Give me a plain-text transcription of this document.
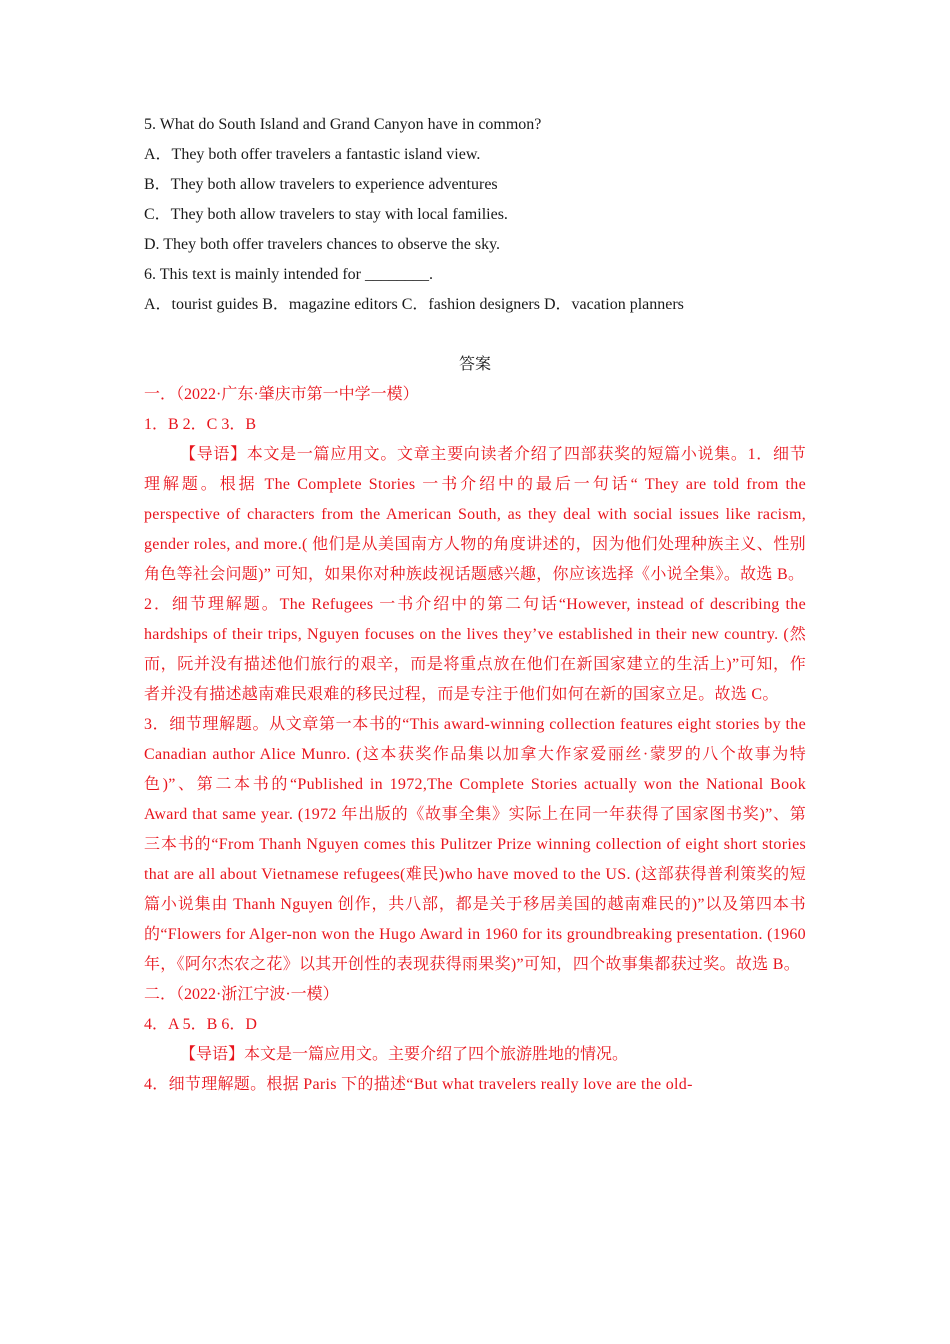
5. What do South Island and Grand Canyon have in common?
A．They both offer travelers a fantastic island view.
B．They both allow travelers to experience adventures
C．They both allow travelers to stay with local families.
D. They both offer travelers chances to observe the sky.
6. This text is mainly intended for ________.
A．tourist guides B．magazine editors C．fashion designers D．vacation planners
答案
一．（2022·广东·肇庆市第一中学一模）
1．B 2．C 3．B
【导语】本文是一篇应用文。文章主要向读者介绍了四部获奖的短篇小说集。1．细节理解题。根据 The Complete Stories 一书介绍中的最后一句话“ They are told from the perspective of characters from the American South, as they deal with social issues like racism, gender roles, and more.( 他们是从美国南方人物的角度讲述的，因为他们处理种族主义、性别角色等社会问题)” 可知，如果你对种族歧视话题感兴趣，你应该选择《小说全集》。故选 B。
2．细节理解题。The Refugees 一书介绍中的第二句话“However, instead of describing the hardships of their trips, Nguyen focuses on the lives they’ve established in their new country. (然而，阮并没有描述他们旅行的艰辛，而是将重点放在他们在新国家建立的生活上)”可知，作者并没有描述越南难民艰难的移民过程，而是专注于他们如何在新的国家立足。故选 C。
3．细节理解题。从文章第一本书的“This award-winning collection features eight stories by the Canadian author Alice Munro. (这本获奖作品集以加拿大作家爱丽丝·蒙罗的八个故事为特色)”、第二本书的“Published in 1972,The Complete Stories actually won the National Book Award that same year. (1972 年出版的《故事全集》实际上在同一年获得了国家图书奖)”、第三本书的“From Thanh Nguyen comes this Pulitzer Prize winning collection of eight short stories that are all about Vietnamese refugees(难民)who have moved to the US. (这部获得普利策奖的短篇小说集由 Thanh Nguyen 创作，共八部，都是关于移居美国的越南难民的)”以及第四本书的“Flowers for Alger-non won the Hugo Award in 1960 for its groundbreaking presentation. (1960 年，《阿尔杰农之花》以其开创性的表现获得雨果奖)”可知，四个故事集都获过奖。故选 B。
二．（2022·浙江宁波·一模）
4．A 5．B 6．D
【导语】本文是一篇应用文。主要介绍了四个旅游胜地的情况。
4．细节理解题。根据 Paris 下的描述“But what travelers really love are the old-
